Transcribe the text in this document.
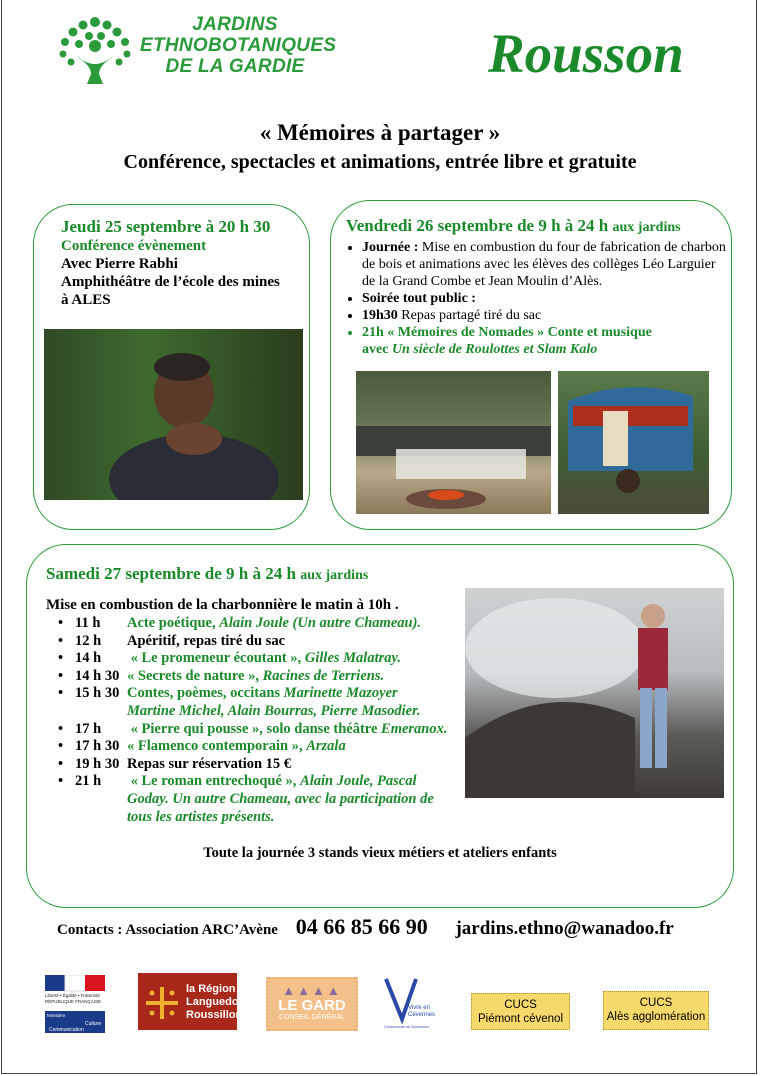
JARDINS
ETHNOBOTANIQUES
DE LA GARDIE	Rousson
« Mémoires à partager »
Conférence, spectacles et animations, entrée libre et gratuite
Jeudi 25 septembre à 20 h 30
Conférence évènement
Avec Pierre Rabhi
Amphithéâtre de l’école des mines
à ALES
Vendredi 26 septembre de 9 h à 24 h aux jardins
• Journée : Mise en combustion du four de fabrication de charbon de bois et animations avec les élèves des collèges Léo Larguier de la Grand Combe et Jean Moulin d’Alès.
• Soirée tout public :
• 19h30 Repas partagé tiré du sac
• 21h « Mémoires de Nomades » Conte et musique
avec Un siècle de Roulottes et Slam Kalo
Samedi 27 septembre de 9 h à 24 h aux jardins
Mise en combustion de la charbonnière le matin à 10h .
• 11 h Acte poétique, Alain Joule (Un autre Chameau).
• 12 h Apéritif, repas tiré du sac
• 14 h « Le promeneur écoutant », Gilles Malatray.
• 14 h 30 « Secrets de nature », Racines de Terriens.
• 15 h 30 Contes, poèmes, occitans Marinette Mazoyer
Martine Michel, Alain Bourras, Pierre Masodier.
• 17 h « Pierre qui pousse », solo danse théâtre Emeranox.
• 17 h 30 « Flamenco contemporain », Arzala
• 19 h 30 Repas sur réservation 15 €
• 21 h « Le roman entrechoqué », Alain Joule, Pascal
Goday. Un autre Chameau, avec la participation de
tous les artistes présents.
Toute la journée 3 stands vieux métiers et ateliers enfants
Contacts : Association ARC’Avène 04 66 85 66 90 jardins.ethno@wanadoo.fr
Liberté • Égalité • Fraternité
RÉPUBLIQUE FRANÇAISE
Ministère
Culture
Communication
la Région
Languedoc
Roussillon
▲▲▲▲
LE GARD
CONSEIL GÉNÉRAL
Vivre en
Cévennes
Communauté de Communes
CUCS
Piémont cévenol
CUCS
Alès agglomération
